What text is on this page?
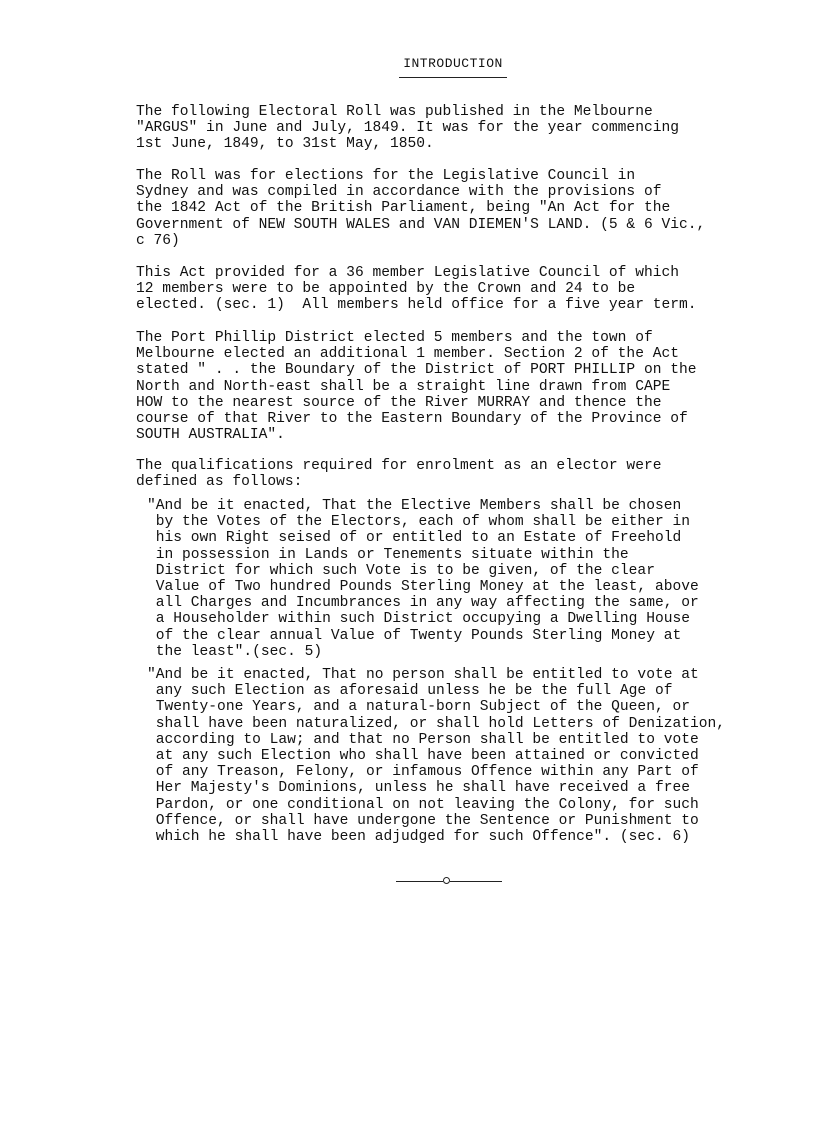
INTRODUCTION

The following Electoral Roll was published in the Melbourne
"ARGUS" in June and July, 1849. It was for the year commencing
1st June, 1849, to 31st May, 1850.

The Roll was for elections for the Legislative Council in
Sydney and was compiled in accordance with the provisions of
the 1842 Act of the British Parliament, being "An Act for the
Government of NEW SOUTH WALES and VAN DIEMEN'S LAND. (5 & 6 Vic.,
c 76)

This Act provided for a 36 member Legislative Council of which
12 members were to be appointed by the Crown and 24 to be
elected. (sec. 1)  All members held office for a five year term.

The Port Phillip District elected 5 members and the town of
Melbourne elected an additional 1 member. Section 2 of the Act
stated " . . the Boundary of the District of PORT PHILLIP on the
North and North-east shall be a straight line drawn from CAPE
HOW to the nearest source of the River MURRAY and thence the
course of that River to the Eastern Boundary of the Province of
SOUTH AUSTRALIA".

The qualifications required for enrolment as an elector were
defined as follows:

"And be it enacted, That the Elective Members shall be chosen
by the Votes of the Electors, each of whom shall be either in
his own Right seised of or entitled to an Estate of Freehold
in possession in Lands or Tenements situate within the
District for which such Vote is to be given, of the clear
Value of Two hundred Pounds Sterling Money at the least, above
all Charges and Incumbrances in any way affecting the same, or
a Householder within such District occupying a Dwelling House
of the clear annual Value of Twenty Pounds Sterling Money at
the least".(sec. 5)

"And be it enacted, That no person shall be entitled to vote at
any such Election as aforesaid unless he be the full Age of
Twenty-one Years, and a natural-born Subject of the Queen, or
shall have been naturalized, or shall hold Letters of Denization,
according to Law; and that no Person shall be entitled to vote
at any such Election who shall have been attained or convicted
of any Treason, Felony, or infamous Offence within any Part of
Her Majesty's Dominions, unless he shall have received a free
Pardon, or one conditional on not leaving the Colony, for such
Offence, or shall have undergone the Sentence or Punishment to
which he shall have been adjudged for such Offence". (sec. 6)
